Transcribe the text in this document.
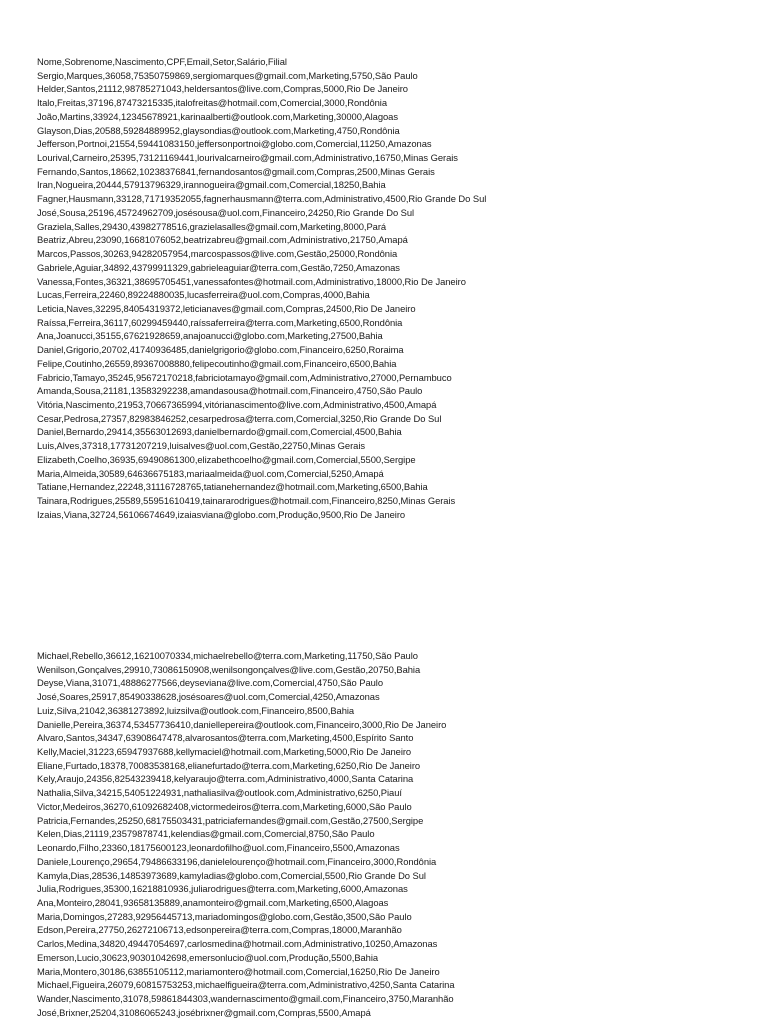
Nome,Sobrenome,Nascimento,CPF,Email,Setor,Salário,Filial
Sergio,Marques,36058,75350759869,sergiomarques@gmail.com,Marketing,5750,São Paulo
Helder,Santos,21112,98785271043,heldersantos@live.com,Compras,5000,Rio De Janeiro
Italo,Freitas,37196,87473215335,italofreitas@hotmail.com,Comercial,3000,Rondônia
João,Martins,33924,12345678921,karinaalberti@outlook.com,Marketing,30000,Alagoas
Glayson,Dias,20588,59284889952,glaysondias@outlook.com,Marketing,4750,Rondônia
Jefferson,Portnoi,21554,59441083150,jeffersonportnoi@globo.com,Comercial,11250,Amazonas
Lourival,Carneiro,25395,73121169441,lourivalcarneiro@gmail.com,Administrativo,16750,Minas Gerais
Fernando,Santos,18662,10238376841,fernandosantos@gmail.com,Compras,2500,Minas Gerais
Iran,Nogueira,20444,57913796329,irannogueira@gmail.com,Comercial,18250,Bahia
Fagner,Hausmann,33128,71719352055,fagnerhausmann@terra.com,Administrativo,4500,Rio Grande Do Sul
José,Sousa,25196,45724962709,josésousa@uol.com,Financeiro,24250,Rio Grande Do Sul
Graziela,Salles,29430,43982778516,grazielasalles@gmail.com,Marketing,8000,Pará
Beatriz,Abreu,23090,16681076052,beatrizabreu@gmail.com,Administrativo,21750,Amapá
Marcos,Passos,30263,94282057954,marcospassos@live.com,Gestão,25000,Rondônia
Gabriele,Aguiar,34892,43799911329,gabrieleaguiar@terra.com,Gestão,7250,Amazonas
Vanessa,Fontes,36321,38695705451,vanessafontes@hotmail.com,Administrativo,18000,Rio De Janeiro
Lucas,Ferreira,22460,89224880035,lucasferreira@uol.com,Compras,4000,Bahia
Leticia,Naves,32295,84054319372,leticianaves@gmail.com,Compras,24500,Rio De Janeiro
Raíssa,Ferreira,36117,60299459440,raíssaferreira@terra.com,Marketing,6500,Rondônia
Ana,Joanucci,35155,67621928659,anajoanucci@globo.com,Marketing,27500,Bahia
Daniel,Grigorio,20702,41740936485,danielgrigorio@globo.com,Financeiro,6250,Roraima
Felipe,Coutinho,26559,89367008880,felipecoutinho@gmail.com,Financeiro,6500,Bahia
Fabricio,Tamayo,35245,95672170218,fabriciotamayo@gmail.com,Administrativo,27000,Pernambuco
Amanda,Sousa,21181,13583292238,amandasousa@hotmail.com,Financeiro,4750,São Paulo
Vitória,Nascimento,21953,70667365994,vitórianascimento@live.com,Administrativo,4500,Amapá
Cesar,Pedrosa,27357,82983846252,cesarpedrosa@terra.com,Comercial,3250,Rio Grande Do Sul
Daniel,Bernardo,29414,35563012693,danielbernardo@gmail.com,Comercial,4500,Bahia
Luis,Alves,37318,17731207219,luisalves@uol.com,Gestão,22750,Minas Gerais
Elizabeth,Coelho,36935,69490861300,elizabethcoelho@gmail.com,Comercial,5500,Sergipe
Maria,Almeida,30589,64636675183,mariaalmeida@uol.com,Comercial,5250,Amapá
Tatiane,Hernandez,22248,31116728765,tatianehernandez@hotmail.com,Marketing,6500,Bahia
Tainara,Rodrigues,25589,55951610419,tainararodrigues@hotmail.com,Financeiro,8250,Minas Gerais
Izaias,Viana,32724,56106674649,izaiasviana@globo.com,Produção,9500,Rio De Janeiro
Michael,Rebello,36612,16210070334,michaelrebello@terra.com,Marketing,11750,São Paulo
Wenilson,Gonçalves,29910,73086150908,wenilsongonçalves@live.com,Gestão,20750,Bahia
Deyse,Viana,31071,48886277566,deyseviana@live.com,Comercial,4750,São Paulo
José,Soares,25917,85490338628,josésoares@uol.com,Comercial,4250,Amazonas
Luiz,Silva,21042,36381273892,luizsilva@outlook.com,Financeiro,8500,Bahia
Danielle,Pereira,36374,53457736410,daniellepereira@outlook.com,Financeiro,3000,Rio De Janeiro
Alvaro,Santos,34347,63908647478,alvarosantos@terra.com,Marketing,4500,Espírito Santo
Kelly,Maciel,31223,65947937688,kellymaciel@hotmail.com,Marketing,5000,Rio De Janeiro
Eliane,Furtado,18378,70083538168,elianefurtado@terra.com,Marketing,6250,Rio De Janeiro
Kely,Araujo,24356,82543239418,kelyaraujo@terra.com,Administrativo,4000,Santa Catarina
Nathalia,Silva,34215,54051224931,nathaliasilva@outlook.com,Administrativo,6250,Piauí
Victor,Medeiros,36270,61092682408,victormedeiros@terra.com,Marketing,6000,São Paulo
Patricia,Fernandes,25250,68175503431,patriciafernandes@gmail.com,Gestão,27500,Sergipe
Kelen,Dias,21119,23579878741,kelendias@gmail.com,Comercial,8750,São Paulo
Leonardo,Filho,23360,18175600123,leonardofilho@uol.com,Financeiro,5500,Amazonas
Daniele,Lourenço,29654,79486633196,danielelourenço@hotmail.com,Financeiro,3000,Rondônia
Kamyla,Dias,28536,14853973689,kamyladias@globo.com,Comercial,5500,Rio Grande Do Sul
Julia,Rodrigues,35300,16218810936,juliarodrigues@terra.com,Marketing,6000,Amazonas
Ana,Monteiro,28041,93658135889,anamonteiro@gmail.com,Marketing,6500,Alagoas
Maria,Domingos,27283,92956445713,mariadomingos@globo.com,Gestão,3500,São Paulo
Edson,Pereira,27750,26272106713,edsonpereira@terra.com,Compras,18000,Maranhão
Carlos,Medina,34820,49447054697,carlosmedina@hotmail.com,Administrativo,10250,Amazonas
Emerson,Lucio,30623,90301042698,emersonlucio@uol.com,Produção,5500,Bahia
Maria,Montero,30186,63855105112,mariamontero@hotmail.com,Comercial,16250,Rio De Janeiro
Michael,Figueira,26079,60815753253,michaelfigueira@terra.com,Administrativo,4250,Santa Catarina
Wander,Nascimento,31078,59861844303,wandernascimento@gmail.com,Financeiro,3750,Maranhão
José,Brixner,25204,31086065243,josébrixner@gmail.com,Compras,5500,Amapá
